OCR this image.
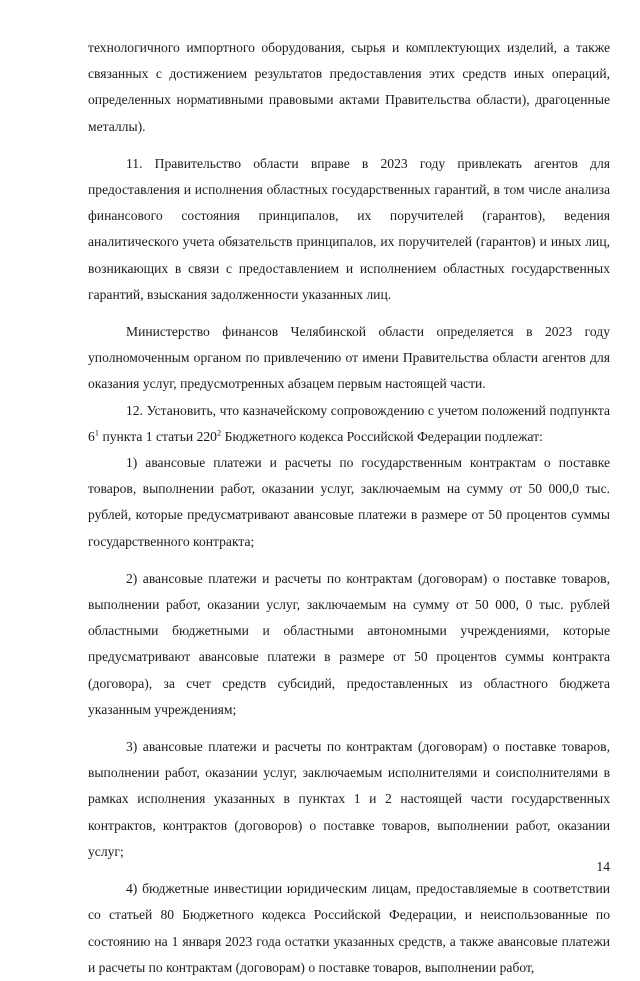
технологичного импортного оборудования, сырья и комплектующих изделий, а также связанных с достижением результатов предоставления этих средств иных операций, определенных нормативными правовыми актами Правительства области), драгоценные металлы).

11. Правительство области вправе в 2023 году привлекать агентов для предоставления и исполнения областных государственных гарантий, в том числе анализа финансового состояния принципалов, их поручителей (гарантов), ведения аналитического учета обязательств принципалов, их поручителей (гарантов) и иных лиц, возникающих в связи с предоставлением и исполнением областных государственных гарантий, взыскания задолженности указанных лиц.

Министерство финансов Челябинской области определяется в 2023 году уполномоченным органом по привлечению от имени Правительства области агентов для оказания услуг, предусмотренных абзацем первым настоящей части.

12. Установить, что казначейскому сопровождению с учетом положений подпункта $6^1$ пункта 1 статьи $220^2$ Бюджетного кодекса Российской Федерации подлежат:

1) авансовые платежи и расчеты по государственным контрактам о поставке товаров, выполнении работ, оказании услуг, заключаемым на сумму от 50 000,0 тыс. рублей, которые предусматривают авансовые платежи в размере от 50 процентов суммы государственного контракта;

2) авансовые платежи и расчеты по контрактам (договорам) о поставке товаров, выполнении работ, оказании услуг, заключаемым на сумму от 50 000, 0 тыс. рублей областными бюджетными и областными автономными учреждениями, которые предусматривают авансовые платежи в размере от 50 процентов суммы контракта (договора), за счет средств субсидий, предоставленных из областного бюджета указанным учреждениям;

3) авансовые платежи и расчеты по контрактам (договорам) о поставке товаров, выполнении работ, оказании услуг, заключаемым исполнителями и соисполнителями в рамках исполнения указанных в пунктах 1 и 2 настоящей части государственных контрактов, контрактов (договоров) о поставке товаров, выполнении работ, оказании услуг;

4) бюджетные инвестиции юридическим лицам, предоставляемые в соответствии со статьей 80 Бюджетного кодекса Российской Федерации, и неиспользованные по состоянию на 1 января 2023 года остатки указанных средств, а также авансовые платежи и расчеты по контрактам (договорам) о поставке товаров, выполнении работ,

14
